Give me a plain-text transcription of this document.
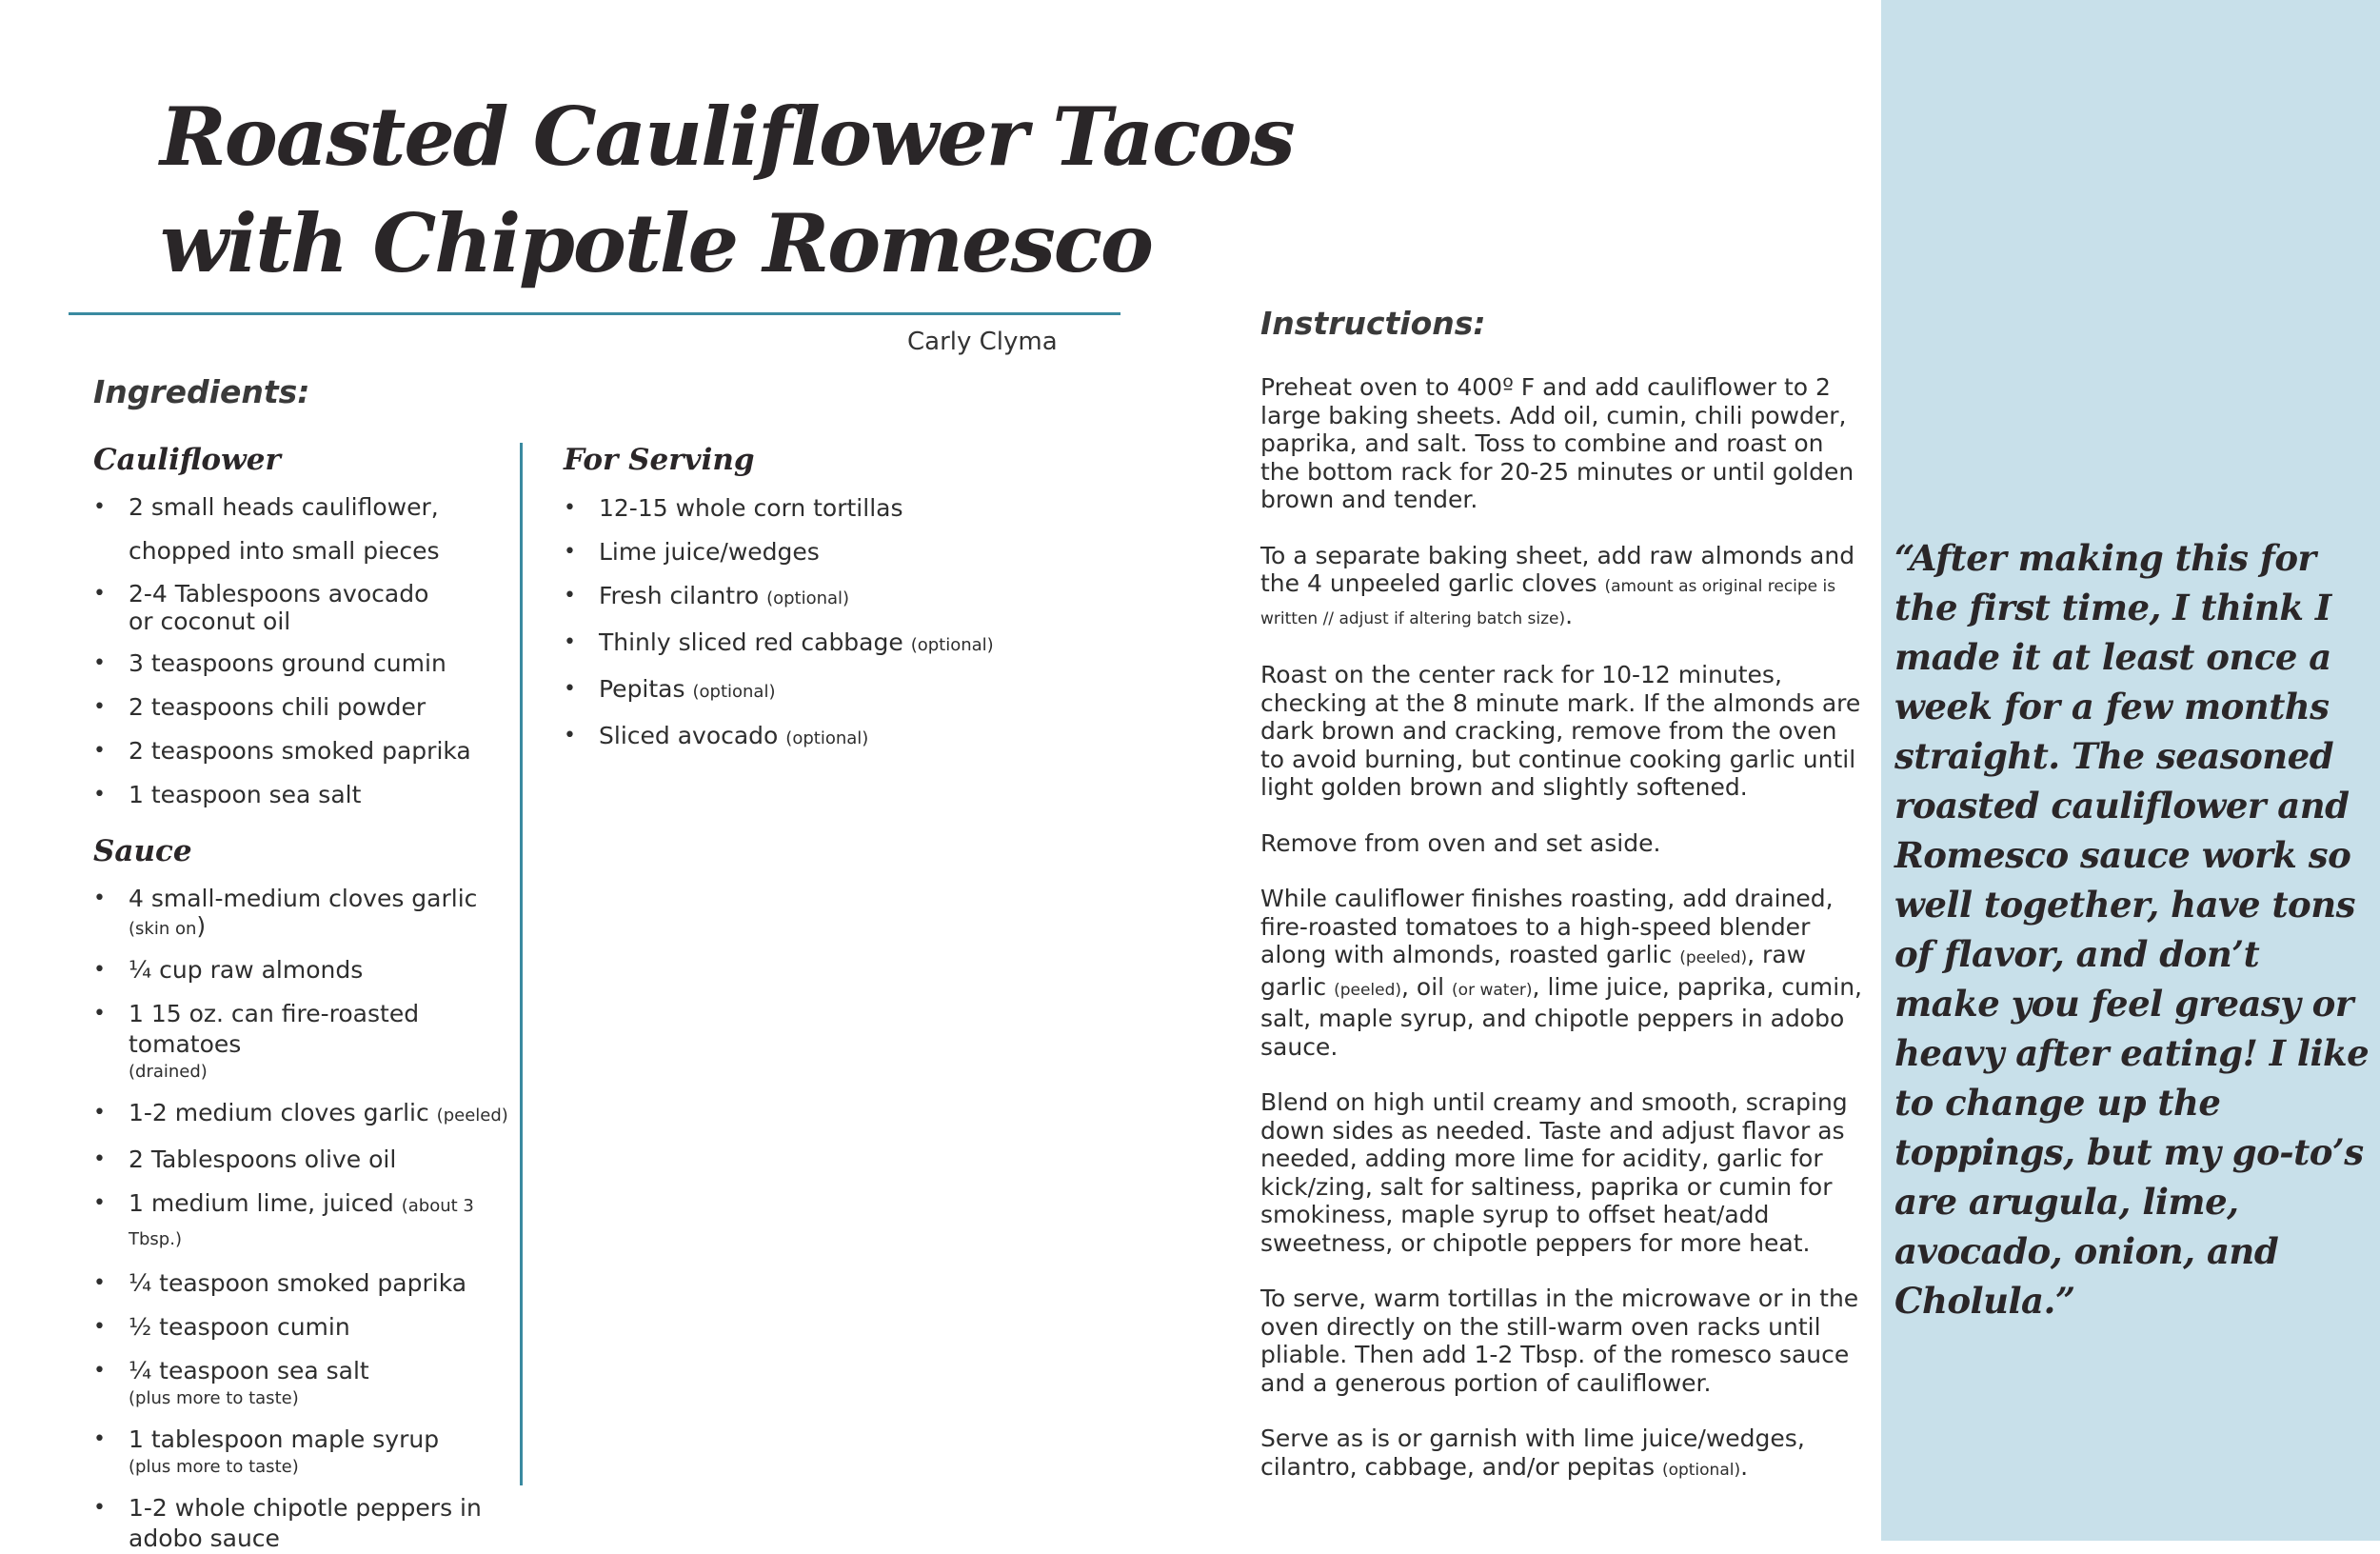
Roasted Cauliflower Tacos
with Chipotle Romesco
Carly Clyma
Ingredients:
Cauliflower
• 2 small heads cauliflower,
chopped into small pieces
• 2-4 Tablespoons avocado
or coconut oil
• 3 teaspoons ground cumin
• 2 teaspoons chili powder
• 2 teaspoons smoked paprika
• 1 teaspoon sea salt
Sauce
• 4 small-medium cloves garlic
(skin on)
• ¼ cup raw almonds
• 1 15 oz. can fire-roasted tomatoes
(drained)
• 1-2 medium cloves garlic (peeled)
• 2 Tablespoons olive oil
• 1 medium lime, juiced (about 3 Tbsp.)
• ¼ teaspoon smoked paprika
• ½ teaspoon cumin
• ¼ teaspoon sea salt
(plus more to taste)
• 1 tablespoon maple syrup
(plus more to taste)
• 1-2 whole chipotle peppers in
adobo sauce
For Serving
• 12-15 whole corn tortillas
• Lime juice/wedges
• Fresh cilantro (optional)
• Thinly sliced red cabbage (optional)
• Pepitas (optional)
• Sliced avocado (optional)
Instructions:

Preheat oven to 400º F and add cauliflower to 2 large baking sheets. Add oil, cumin, chili powder, paprika, and salt. Toss to combine and roast on the bottom rack for 20-25 minutes or until golden brown and tender.

To a separate baking sheet, add raw almonds and the 4 unpeeled garlic cloves (amount as original recipe is written // adjust if altering batch size).

Roast on the center rack for 10-12 minutes, checking at the 8 minute mark. If the almonds are dark brown and cracking, remove from the oven to avoid burning, but continue cooking garlic until light golden brown and slightly softened.

Remove from oven and set aside.

While cauliflower finishes roasting, add drained, fire-roasted tomatoes to a high-speed blender along with almonds, roasted garlic (peeled), raw garlic (peeled), oil (or water), lime juice, paprika, cumin, salt, maple syrup, and chipotle peppers in adobo sauce.

Blend on high until creamy and smooth, scraping down sides as needed. Taste and adjust flavor as needed, adding more lime for acidity, garlic for kick/zing, salt for saltiness, paprika or cumin for smokiness, maple syrup to offset heat/add sweetness, or chipotle peppers for more heat.

To serve, warm tortillas in the microwave or in the oven directly on the still-warm oven racks until pliable. Then add 1-2 Tbsp. of the romesco sauce and a generous portion of cauliflower.

Serve as is or garnish with lime juice/wedges, cilantro, cabbage, and/or pepitas (optional).

“After making this for the first time, I think I made it at least once a week for a few months straight. The seasoned roasted cauliflower and Romesco sauce work so well together, have tons of flavor, and don’t make you feel greasy or heavy after eating! I like to change up the toppings, but my go-to’s are arugula, lime, avocado, onion, and Cholula.”
